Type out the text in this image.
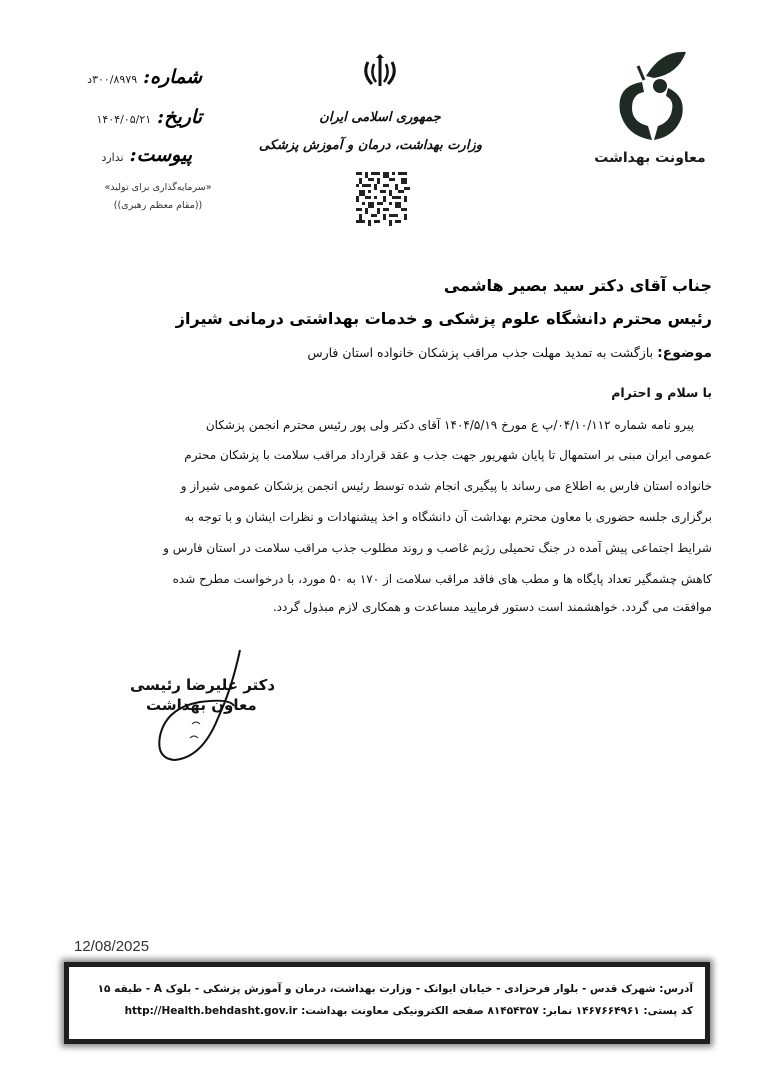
شماره:
۳۰۰/۸۹۷۹د
تاریخ:
۱۴۰۴/۰۵/۲۱
پیوست:
ندارد
«سرمایه‌گذاری برای تولید»
((مقام معظم رهبری))
جمهوری اسلامی ایران
وزارت بهداشت، درمان و آموزش پزشکی
معاونت بهداشت
جناب آقای دکتر سید بصیر هاشمی
رئیس محترم دانشگاه علوم پزشکی و خدمات بهداشتی درمانی شیراز
موضوع: بازگشت به تمدید مهلت جذب مراقب پزشکان خانواده استان فارس
با سلام و احترام
پیرو نامه شماره ۰۴/۱۰/۱۱۲/پ ع مورخ ۱۴۰۴/۵/۱۹ آقای دکتر ولی پور رئیس محترم انجمن پزشکان
عمومی ایران مبنی بر استمهال تا پایان شهریور جهت جذب و عقد قرارداد مراقب سلامت با پزشکان محترم
خانواده استان فارس به اطلاع می رساند با پیگیری انجام شده توسط رئیس انجمن پزشکان عمومی شیراز و
برگزاری جلسه حضوری با معاون محترم بهداشت آن دانشگاه و اخذ پیشنهادات و نظرات ایشان و با توجه به
شرایط اجتماعی پیش آمده در جنگ تحمیلی رژیم غاصب و روند مطلوب جذب مراقب سلامت در استان فارس و
کاهش چشمگیر تعداد پایگاه ها و مطب های فاقد مراقب سلامت از ۱۷۰ به ۵۰ مورد، با درخواست مطرح شده
موافقت می گردد. خواهشمند است دستور فرمایید مساعدت و همکاری لازم مبذول گردد.
دکتر علیرضا رئیسی
معاون بهداشت
12/08/2025
آدرس: شهرک قدس - بلوار فرحزادی - خیابان ایوانک - وزارت بهداشت، درمان و آموزش پزشکی - بلوک A - طبقه ۱۵
کد پستی: ۱۴۶۷۶۶۴۹۶۱ نمابر: ۸۱۴۵۴۳۵۷ صفحه الکترونیکی معاونت بهداشت: http://Health.behdasht.gov.ir
